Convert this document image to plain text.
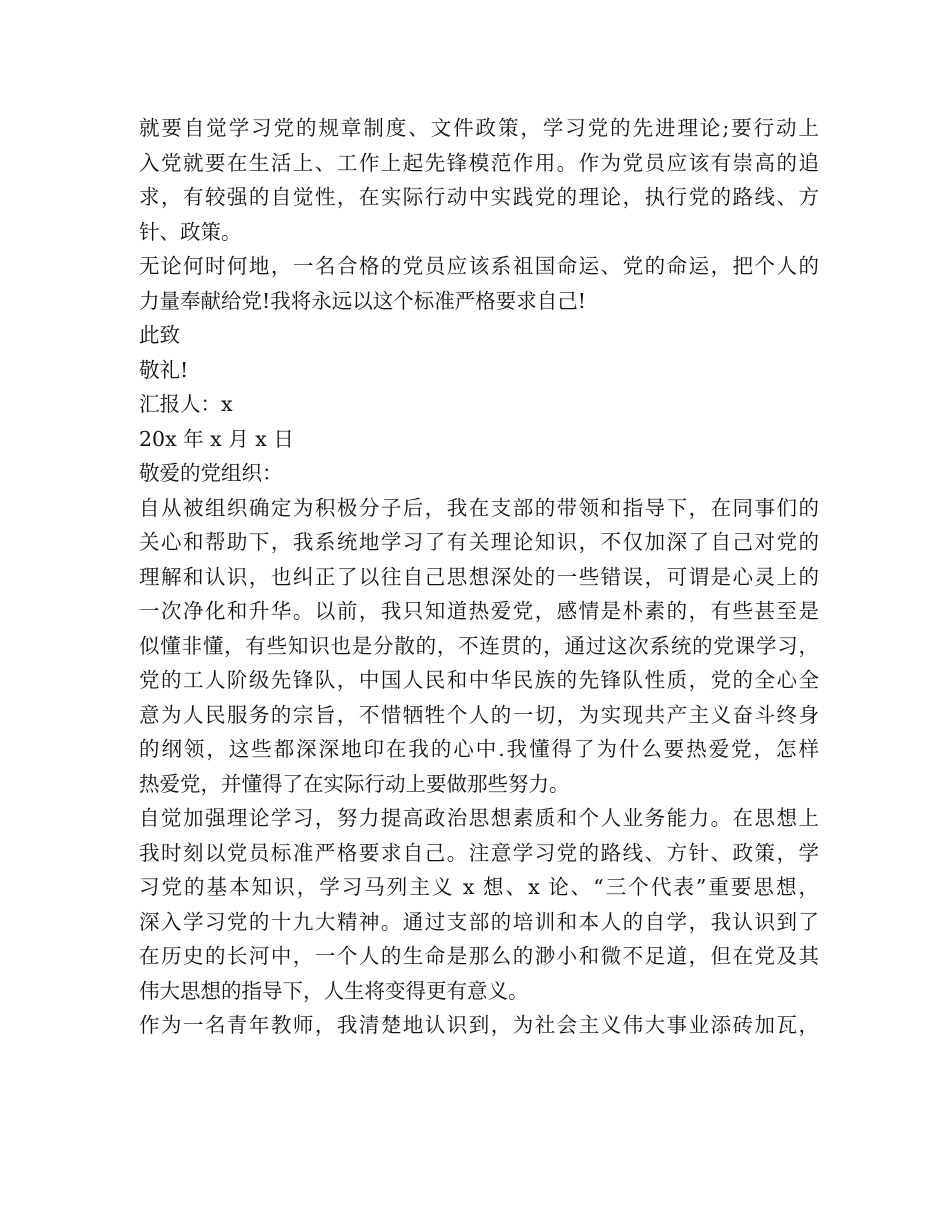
就要自觉学习党的规章制度、文件政策，学习党的先进理论;要行动上
入党就要在生活上、工作上起先锋模范作用。作为党员应该有崇高的追
求，有较强的自觉性，在实际行动中实践党的理论，执行党的路线、方
针、政策。
无论何时何地，一名合格的党员应该系祖国命运、党的命运，把个人的
力量奉献给党!我将永远以这个标准严格要求自己!
此致
敬礼!
汇报人：x
20x 年 x 月 x 日
敬爱的党组织：
自从被组织确定为积极分子后，我在支部的带领和指导下，在同事们的
关心和帮助下，我系统地学习了有关理论知识，不仅加深了自己对党的
理解和认识，也纠正了以往自己思想深处的一些错误，可谓是心灵上的
一次净化和升华。以前，我只知道热爱党，感情是朴素的，有些甚至是
似懂非懂，有些知识也是分散的，不连贯的，通过这次系统的党课学习，
党的工人阶级先锋队，中国人民和中华民族的先锋队性质，党的全心全
意为人民服务的宗旨，不惜牺牲个人的一切，为实现共产主义奋斗终身
的纲领，这些都深深地印在我的心中.我懂得了为什么要热爱党，怎样
热爱党，并懂得了在实际行动上要做那些努力。
自觉加强理论学习，努力提高政治思想素质和个人业务能力。在思想上
我时刻以党员标准严格要求自己。注意学习党的路线、方针、政策，学
习党的基本知识，学习马列主义 x 想、x 论、“三个代表”重要思想，
深入学习党的十九大精神。通过支部的培训和本人的自学，我认识到了
在历史的长河中，一个人的生命是那么的渺小和微不足道，但在党及其
伟大思想的指导下，人生将变得更有意义。
作为一名青年教师，我清楚地认识到，为社会主义伟大事业添砖加瓦，
